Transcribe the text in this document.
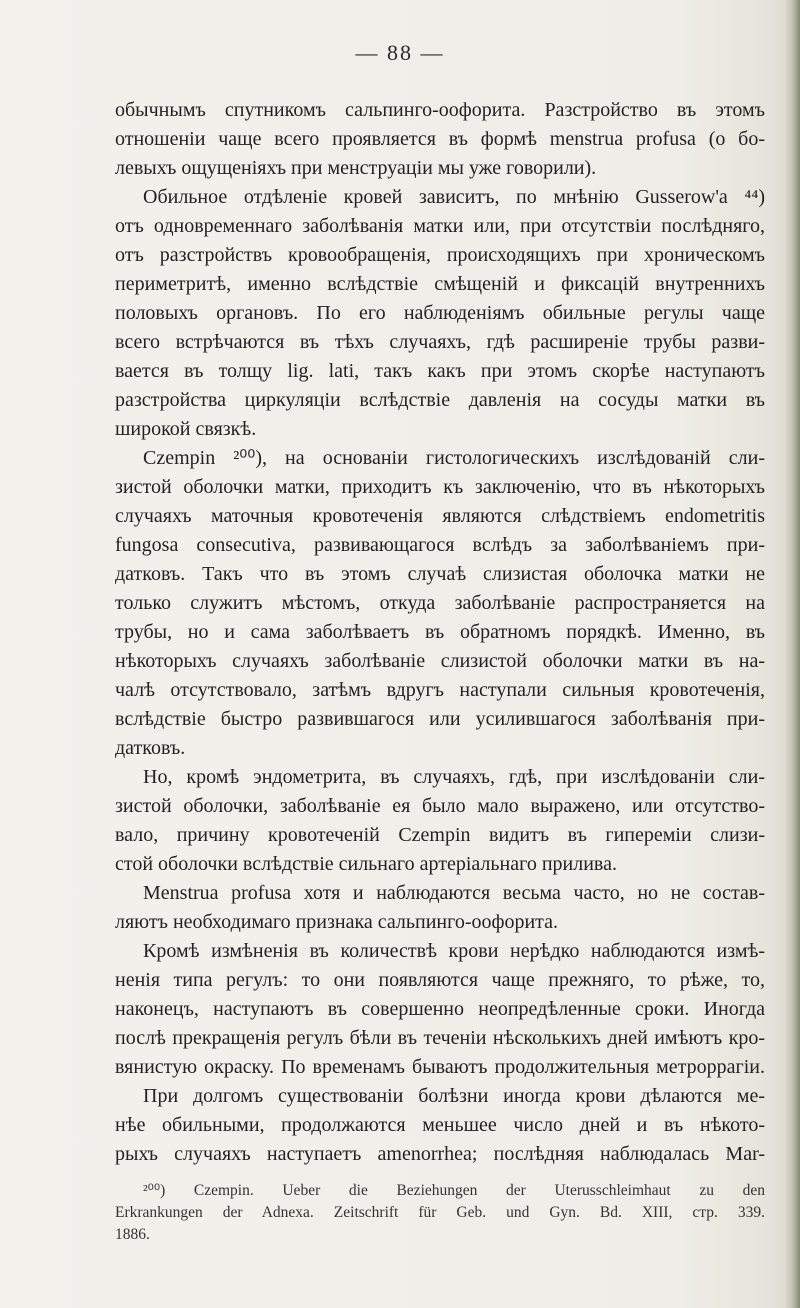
— 88 —
обычнымъ спутникомъ сальпинго-оофорита. Разстройство въ этомъ
отношеніи чаще всего проявляется въ формѣ menstrua profusa (o бо-
левыхъ ощущеніяхъ при менструаціи мы уже говорили).
Обильное отдѣленіе кровей зависитъ, по мнѣнію Gusserow'a ⁴⁴)
отъ одновременнаго заболѣванія матки или, при отсутствіи послѣдняго,
отъ разстройствъ кровообращенія, происходящихъ при хроническомъ
периметритѣ, именно вслѣдствіе смѣщеній и фиксацій внутреннихъ
половыхъ органовъ. По его наблюденіямъ обильные регулы чаще
всего встрѣчаются въ тѣхъ случаяхъ, гдѣ расширеніе трубы разви-
вается въ толщу lig. lati, такъ какъ при этомъ скорѣе наступаютъ
разстройства циркуляціи вслѣдствіе давленія на сосуды матки въ
широкой связкѣ.
Czempin ²⁰⁰), на основаніи гистологическихъ изслѣдованій сли-
зистой оболочки матки, приходитъ къ заключенію, что въ нѣкоторыхъ
случаяхъ маточныя кровотеченія являются слѣдствіемъ endometritis
fungosa consecutiva, развивающагося вслѣдъ за заболѣваніемъ при-
датковъ. Такъ что въ этомъ случаѣ слизистая оболочка матки не
только служитъ мѣстомъ, откуда заболѣваніе распространяется на
трубы, но и сама заболѣваетъ въ обратномъ порядкѣ. Именно, въ
нѣкоторыхъ случаяхъ заболѣваніе слизистой оболочки матки въ на-
чалѣ отсутствовало, затѣмъ вдругъ наступали сильныя кровотеченія,
вслѣдствіе быстро развившагося или усилившагося заболѣванія при-
датковъ.
Но, кромѣ эндометрита, въ случаяхъ, гдѣ, при изслѣдованіи сли-
зистой оболочки, заболѣваніе ея было мало выражено, или отсутство-
вало, причину кровотеченій Czempin видитъ въ гипереміи слизи-
стой оболочки вслѣдствіе сильнаго артеріальнаго прилива.
Menstrua profusa хотя и наблюдаются весьма часто, но не состав-
ляютъ необходимаго признака сальпинго-оофорита.
Кромѣ измѣненія въ количествѣ крови нерѣдко наблюдаются измѣ-
ненія типа регулъ: то они появляются чаще прежняго, то рѣже, то,
наконецъ, наступаютъ въ совершенно неопредѣленные сроки. Иногда
послѣ прекращенія регулъ бѣли въ теченіи нѣсколькихъ дней имѣютъ кро-
вянистую окраску. По временамъ бываютъ продолжительныя метроррагіи.
При долгомъ существованіи болѣзни иногда крови дѣлаются ме-
нѣе обильными, продолжаются меньшее число дней и въ нѣкото-
рыхъ случаяхъ наступаетъ amenorrhea; послѣдняя наблюдалась Mar-
²⁰⁰) Czempin. Ueber die Beziehungen der Uterusschleimhaut zu den
Erkrankungen der Adnexa. Zeitschrift für Geb. und Gyn. Bd. XIII, стр. 339.
1886.
